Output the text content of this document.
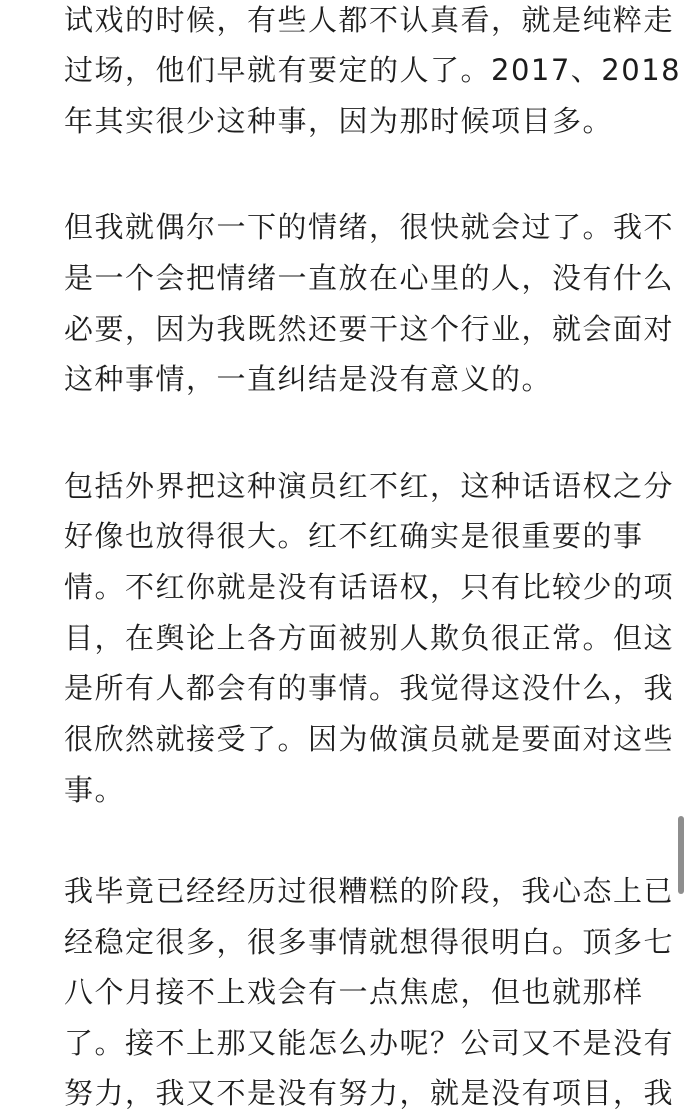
试戏的时候，有些人都不认真看，就是纯粹走
过场，他们早就有要定的人了。2017、2018
年其实很少这种事，因为那时候项目多。
但我就偶尔一下的情绪，很快就会过了。我不
是一个会把情绪一直放在心里的人，没有什么
必要，因为我既然还要干这个行业，就会面对
这种事情，一直纠结是没有意义的。
包括外界把这种演员红不红，这种话语权之分
好像也放得很大。红不红确实是很重要的事
情。不红你就是没有话语权，只有比较少的项
目，在舆论上各方面被别人欺负很正常。但这
是所有人都会有的事情。我觉得这没什么，我
很欣然就接受了。因为做演员就是要面对这些
事。
我毕竟已经经历过很糟糕的阶段，我心态上已
经稳定很多，很多事情就想得很明白。顶多七
八个月接不上戏会有一点焦虑，但也就那样
了。接不上那又能怎么办呢？公司又不是没有
努力，我又不是没有努力，就是没有项目，我
